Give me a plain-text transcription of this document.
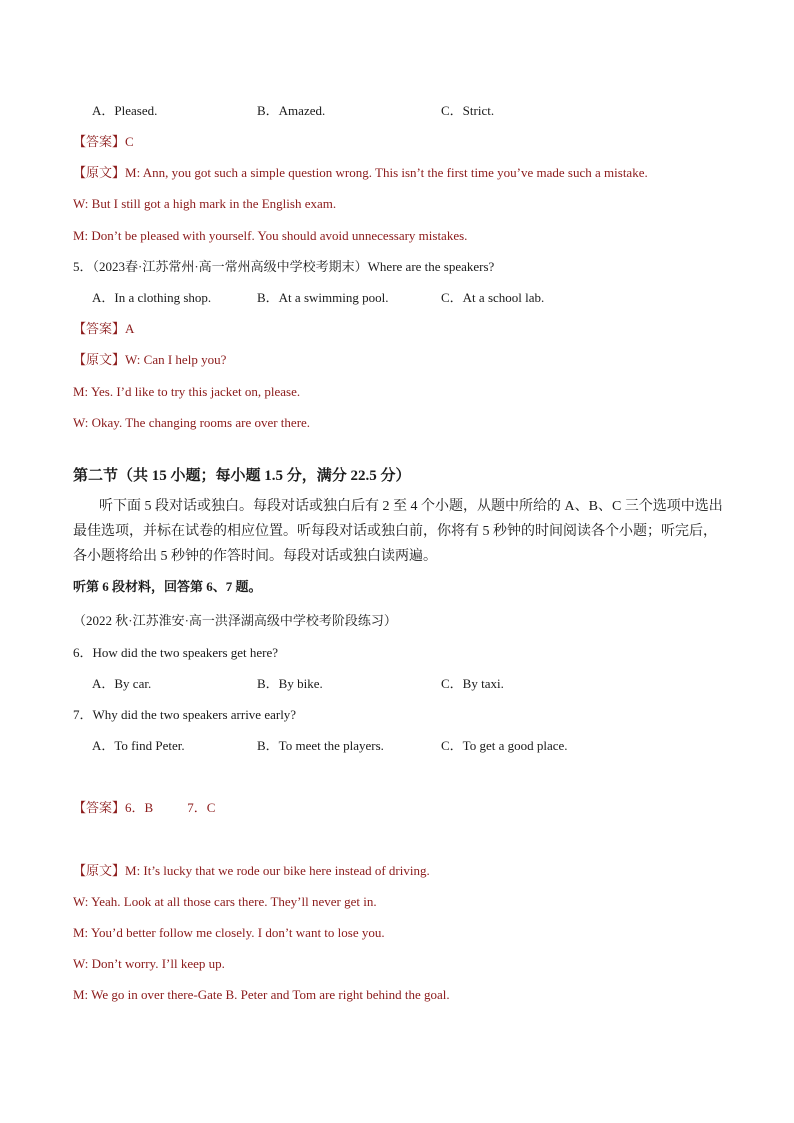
A．Pleased.	B．Amazed.	C．Strict.
【答案】C
【原文】M: Ann, you got such a simple question wrong. This isn’t the first time you’ve made such a mistake.
W: But I still got a high mark in the English exam.
M: Don’t be pleased with yourself. You should avoid unnecessary mistakes.
5．（2023春·江苏常州·高一常州高级中学校考期末）Where are the speakers?
A．In a clothing shop.	B．At a swimming pool.	C．At a school lab.
【答案】A
【原文】W: Can I help you?
M: Yes. I’d like to try this jacket on, please.
W: Okay. The changing rooms are over there.
第二节（共 15 小题；每小题 1.5 分，满分 22.5 分）
听下面 5 段对话或独白。每段对话或独白后有 2 至 4 个小题，从题中所给的 A、B、C 三个选项中选出最佳选项，并标在试卷的相应位置。听每段对话或独白前，你将有 5 秒钟的时间阅读各个小题；听完后，各小题将给出 5 秒钟的作答时间。每段对话或独白读两遍。
听第 6 段材料，回答第 6、7 题。
（2022 秋·江苏淮安·高一洪泽湖高级中学校考阶段练习）
6．How did the two speakers get here?
A．By car.	B．By bike.	C．By taxi.
7．Why did the two speakers arrive early?
A．To find Peter.	B．To meet the players.	C．To get a good place.
【答案】6．B	7．C
【原文】M: It’s lucky that we rode our bike here instead of driving.
W: Yeah. Look at all those cars there. They’ll never get in.
M: You’d better follow me closely. I don’t want to lose you.
W: Don’t worry. I’ll keep up.
M: We go in over there-Gate B. Peter and Tom are right behind the goal.
